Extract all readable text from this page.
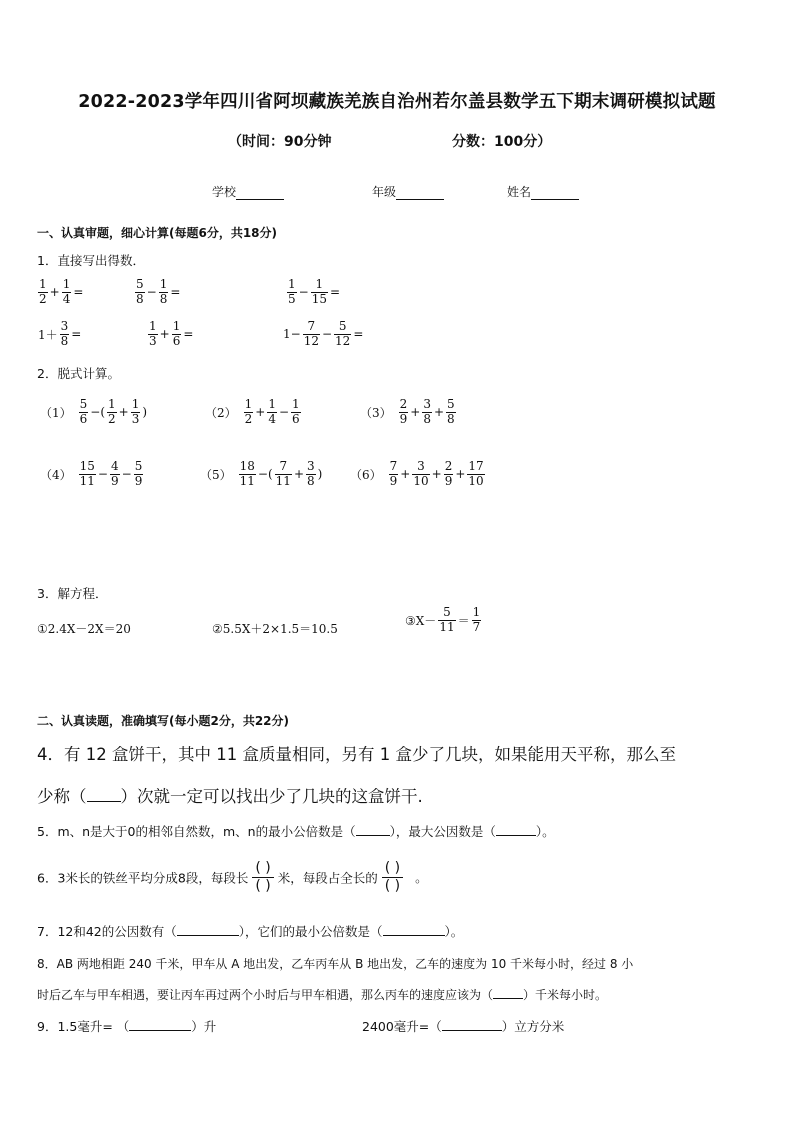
2022-2023学年四川省阿坝藏族羌族自治州若尔盖县数学五下期末调研模拟试题
（时间：90分钟	分数：100分）
学校	年级	姓名
一、认真审题，细心计算(每题6分，共18分)
1．直接写出得数．
$\frac{1}{2} + \frac{1}{4}$ =	$\frac{5}{8} - \frac{1}{8}$ =	$\frac{1}{5} - \frac{1}{15}$ =
$1+ \frac{3}{8}$ =	$\frac{1}{3} + \frac{1}{6}$ =	$1- \frac{7}{12} - \frac{5}{12}$ =
2．脱式计算。
$(1) \frac{5}{6}$ −( $\frac{1}{2} + \frac{1}{3}$ )	$(2) \frac{1}{2} + \frac{1}{4} - \frac{1}{6}$	$(3) \frac{2}{9} + \frac{3}{8} + \frac{5}{8}$
$(4) \frac{15}{11} - \frac{4}{9} - \frac{5}{9}$	$(5) \frac{18}{11}$ −( $\frac{7}{11} + \frac{3}{8}$ ) $(6) \frac{7}{9} + \frac{3}{10} + \frac{2}{9} + \frac{17}{10}$
3．解方程．
①2.4X－2X＝20	②5.5X＋2×1.5＝10.5
③X－ $\frac{5}{11} = \frac{1}{7}$
二、认真读题，准确填写(每小题2分，共22分)
4．有 12 盒饼干，其中 11 盒质量相同，另有 1 盒少了几块，如果能用天平称，那么至
少称（ ）次就一定可以找出少了几块的这盒饼干.
5．m、n是大于0的相邻自然数，m、n的最小公倍数是（	），最大公因数是（	）。
6．3米长的铁丝平均分成8段，每段长
( )
( ) 米，每段占全长的
( )
( ) 。
7．12和42的公因数有（	），它们的最小公倍数是（	）。
8．AB 两地相距 240 千米，甲车从 A 地出发，乙车丙车从 B 地出发，乙车的速度为 10 千米每小时，经过 8 小
时后乙车与甲车相遇，要让丙车再过两个小时后与甲车相遇，那么丙车的速度应该为（	）千米每小时。
9．1.5毫升= （	）升	2400毫升=（	）立方分米
